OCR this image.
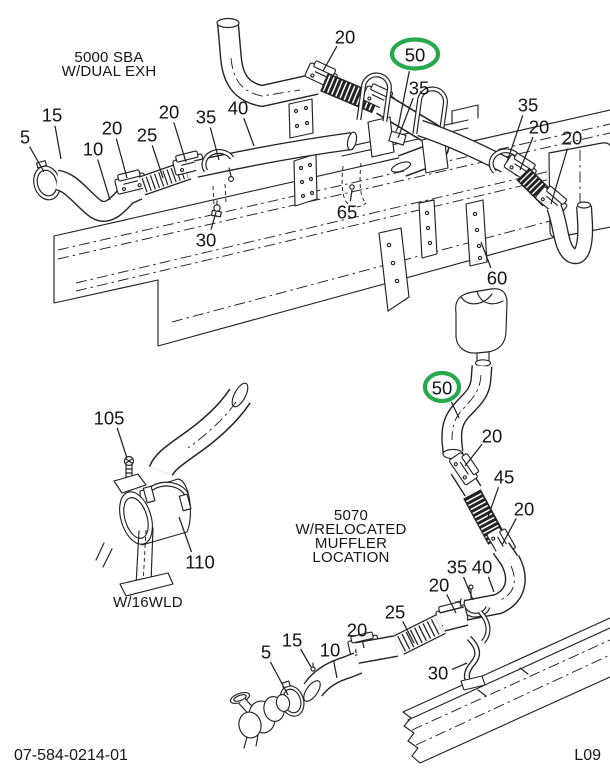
5
15
20
10
25
20 35 40
30
20
50
35
65
35
20
20
60
105
110
50
20
45
20
35 40
20
25
20
15 10
5
30
5000 SBA
W/DUAL EXH
5070 W/RELOCATED
MUFFLER LOCATION
W/16WLD
07-584-0214-01	L09
